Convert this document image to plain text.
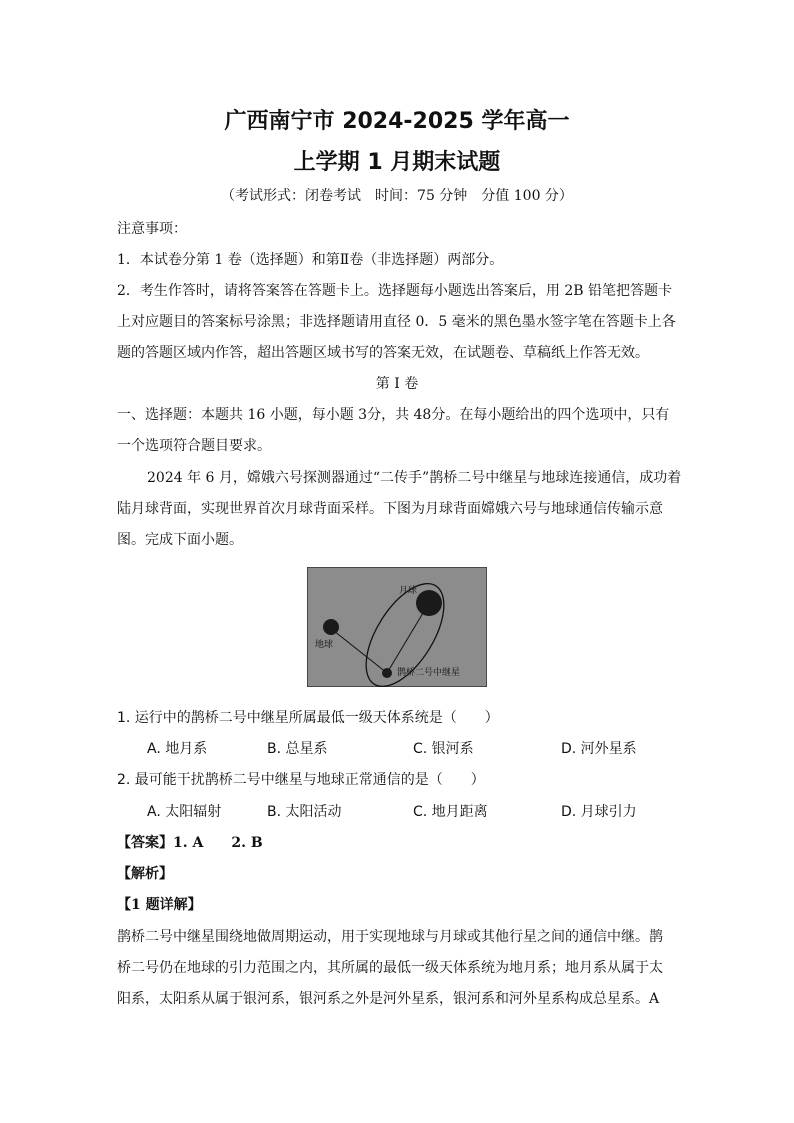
广西南宁市 2024-2025 学年高一
上学期 1 月期末试题
（考试形式：闭卷考试　时间：75 分钟　分值 100 分）
注意事项：
1．本试卷分第 1 卷（选择题）和第Ⅱ卷（非选择题）两部分。
2．考生作答时，请将答案答在答题卡上。选择题每小题选出答案后，用 2B 铅笔把答题卡
上对应题目的答案标号涂黑；非选择题请用直径 0．5 毫米的黑色墨水签字笔在答题卡上各
题的答题区域内作答，超出答题区域书写的答案无效，在试题卷、草稿纸上作答无效。
第 I 卷
一、选择题：本题共 16 小题，每小题 3分，共 48分。在每小题给出的四个选项中，只有
一个选项符合题目要求。
2024 年 6 月，嫦娥六号探测器通过“二传手”鹊桥二号中继星与地球连接通信，成功着
陆月球背面，实现世界首次月球背面采样。下图为月球背面嫦娥六号与地球通信传输示意
图。完成下面小题。
月球
地球
鹊桥二号中继星
1. 运行中的鹊桥二号中继星所属最低一级天体系统是（　　）
A. 地月系	B. 总星系	C. 银河系	D. 河外星系
2. 最可能干扰鹊桥二号中继星与地球正常通信的是（　　）
A. 太阳辐射	B. 太阳活动	C. 地月距离	D. 月球引力
【答案】1. A　　2. B
【解析】
【1 题详解】
鹊桥二号中继星围绕地做周期运动，用于实现地球与月球或其他行星之间的通信中继。鹊
桥二号仍在地球的引力范围之内，其所属的最低一级天体系统为地月系；地月系从属于太
阳系，太阳系从属于银河系，银河系之外是河外星系，银河系和河外星系构成总星系。A
